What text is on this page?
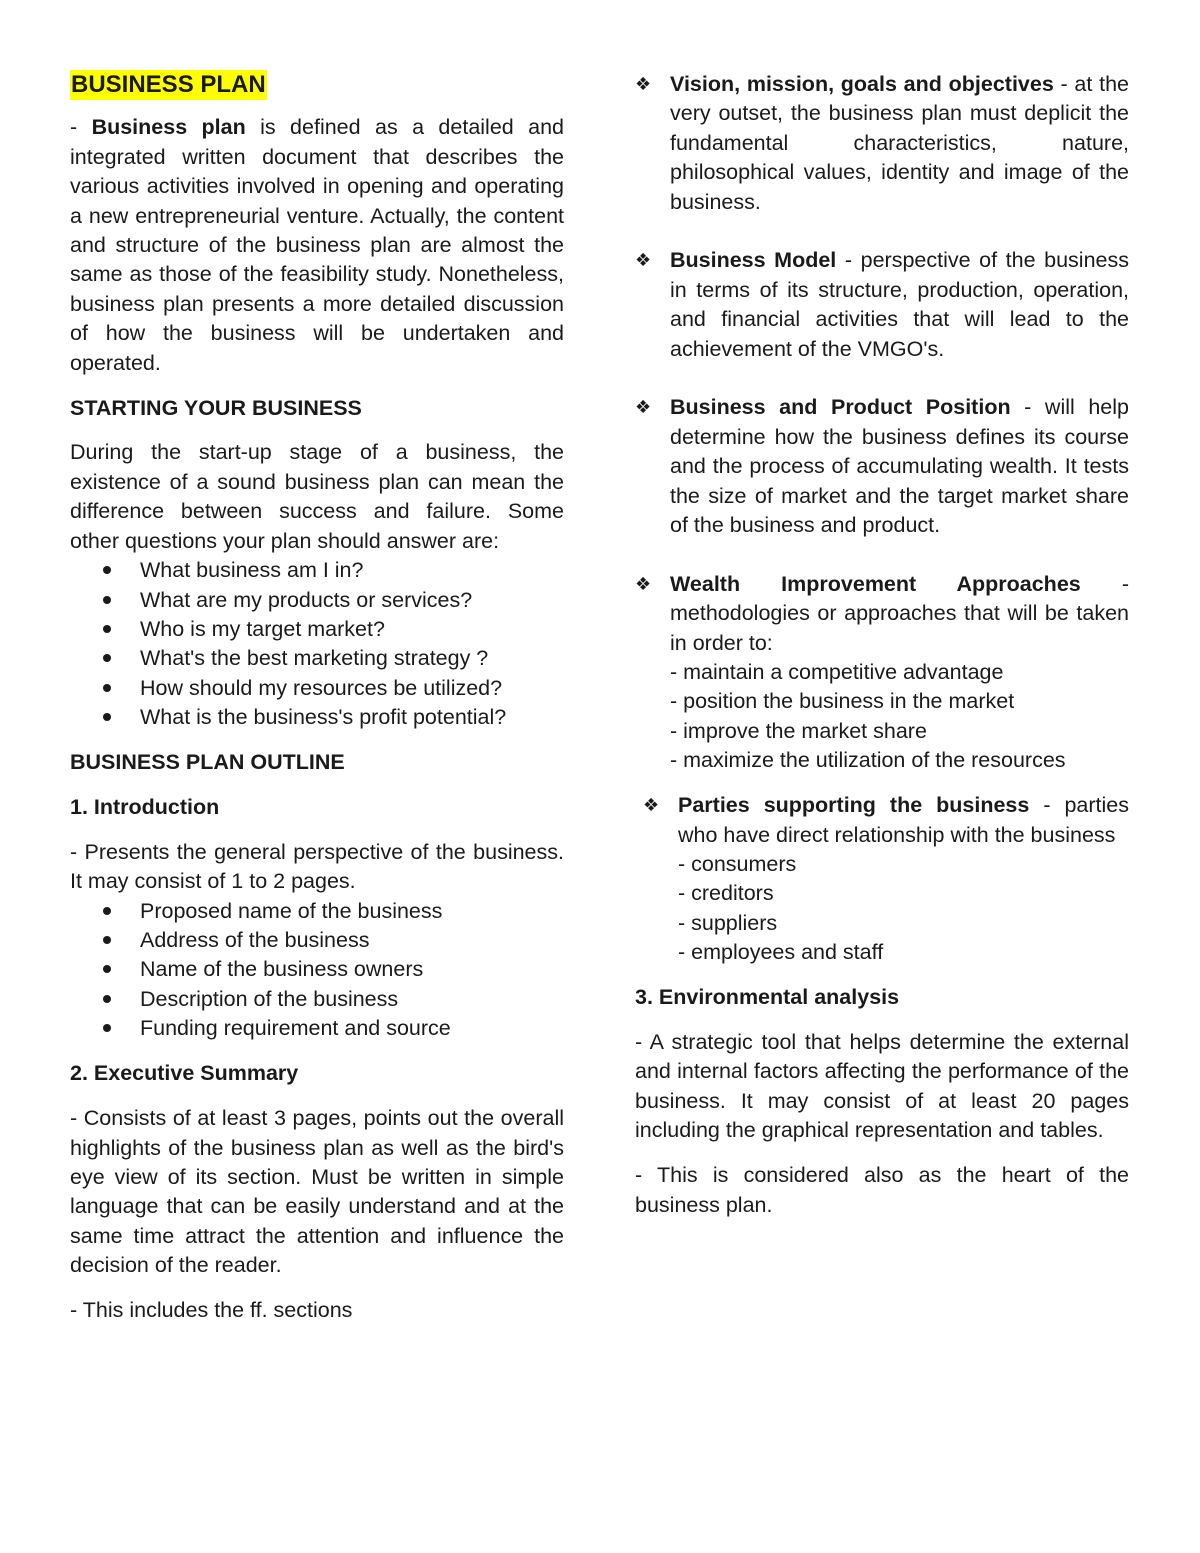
BUSINESS PLAN

- Business plan is defined as a detailed and integrated written document that describes the various activities involved in opening and operating a new entrepreneurial venture. Actually, the content and structure of the business plan are almost the same as those of the feasibility study. Nonetheless, business plan presents a more detailed discussion of how the business will be undertaken and operated.

STARTING YOUR BUSINESS

During the start-up stage of a business, the existence of a sound business plan can mean the difference between success and failure. Some other questions your plan should answer are:

What business am I in?
What are my products or services?
Who is my target market?
What's the best marketing strategy ?
How should my resources be utilized?
What is the business's profit potential?

BUSINESS PLAN OUTLINE

1. Introduction

- Presents the general perspective of the business. It may consist of 1 to 2 pages.

Proposed name of the business
Address of the business
Name of the business owners
Description of the business
Funding requirement and source

2. Executive Summary

- Consists of at least 3 pages, points out the overall highlights of the business plan as well as the bird's eye view of its section. Must be written in simple language that can be easily understand and at the same time attract the attention and influence the decision of the reader.

- This includes the ff. sections

❖ Vision, mission, goals and objectives - at the very outset, the business plan must deplicit the fundamental characteristics, nature, philosophical values, identity and image of the business.

❖ Business Model - perspective of the business in terms of its structure, production, operation, and financial activities that will lead to the achievement of the VMGO's.

❖ Business and Product Position - will help determine how the business defines its course and the process of accumulating wealth. It tests the size of market and the target market share of the business and product.

❖ Wealth Improvement Approaches - methodologies or approaches that will be taken in order to:

- maintain a competitive advantage

- position the business in the market

- improve the market share

- maximize the utilization of the resources

❖ Parties supporting the business - parties who have direct relationship with the business

- consumers

- creditors

- suppliers

- employees and staff

3. Environmental analysis

- A strategic tool that helps determine the external and internal factors affecting the performance of the business. It may consist of at least 20 pages including the graphical representation and tables.

- This is considered also as the heart of the business plan.
